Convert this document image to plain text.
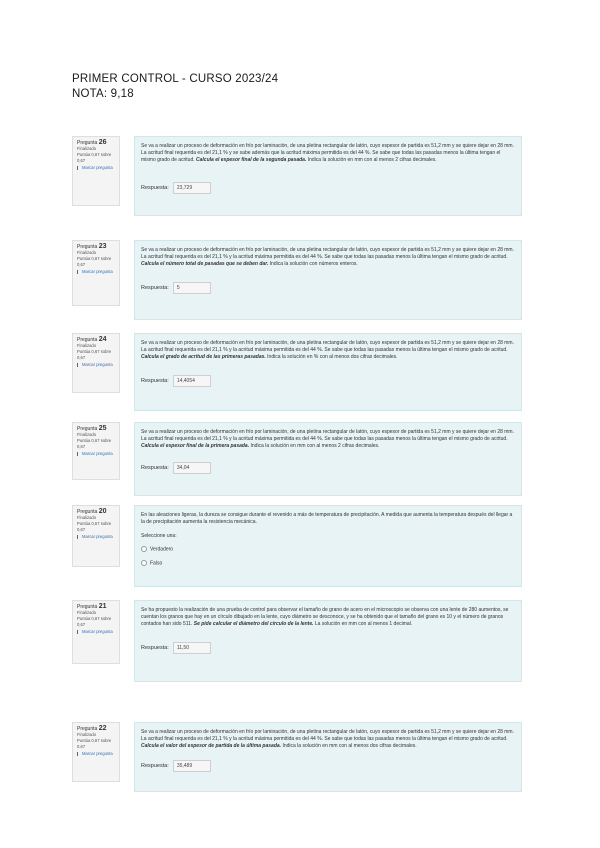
PRIMER CONTROL - CURSO 2023/24
NOTA: 9,18
Pregunta 26
Finalizado
Puntúa 0,67 sobre 0,67
Marcar pregunta

Se va a realizar un proceso de deformación en frío por laminación, de una pletina rectangular de latón, cuyo espesor de partida es 51,2 mm y se quiere dejar en 28 mm. La acritud final requerida es del 21,1 % y se sabe además que la acritud máxima permitida es del 44 %. Se sabe que todas las pasadas menos la última tengan el mismo grado de acritud. Calcula el espesor final de la segunda pasada. Indica la solución en mm con al menos 2 cifras decimales.

Respuesta: 23,729
Pregunta 23
Finalizado
Puntúa 0,67 sobre 0,67
Marcar pregunta

Se va a realizar un proceso de deformación en frío por laminación, de una pletina rectangular de latón, cuyo espesor de partida es 51,2 mm y se quiere dejar en 28 mm. La acritud final requerida es del 21,1 % y la acritud máxima permitida es del 44 %. Se sabe que todas las pasadas menos la última tengan el mismo grado de acritud. Calcula el número total de pasadas que se deben dar. Indica la solución con números enteros.

Respuesta: 5
Pregunta 24
Finalizado
Puntúa 0,67 sobre 0,67
Marcar pregunta

Se va a realizar un proceso de deformación en frío por laminación, de una pletina rectangular de latón, cuyo espesor de partida es 51,2 mm y se quiere dejar en 28 mm. La acritud final requerida es del 21,1 % y la acritud máxima permitida es del 44 %. Se sabe que todas las pasadas menos la última tengan el mismo grado de acritud. Calcula el grado de acritud de las primeras pasadas. Indica la solución en % con al menos dos cifras decimales.

Respuesta: 14,4054
Pregunta 25
Finalizado
Puntúa 0,67 sobre 0,67
Marcar pregunta

Se va a realizar un proceso de deformación en frío por laminación, de una pletina rectangular de latón, cuyo espesor de partida es 51,2 mm y se quiere dejar en 28 mm. La acritud final requerida es del 21,1 % y la acritud máxima permitida es del 44 %. Se sabe que todas las pasadas menos la última tengan el mismo grado de acritud. Calcula el espesor final de la primera pasada. Indica la solución en mm con al menos 2 cifras decimales.

Respuesta: 34,04
Pregunta 20
Finalizado
Puntúa 0,67 sobre 0,67
Marcar pregunta

En las aleaciones ligeras, la dureza se consigue durante el revenido a más de temperatura de precipitación. A medida que aumenta la temperatura después del llegar a la de precipitación aumenta la resistencia mecánica.

Seleccione una:
Verdadero
Falso
Pregunta 21
Finalizado
Puntúa 0,67 sobre 0,67
Marcar pregunta

Se ha propuesto la realización de una prueba de control para observar el tamaño de grano de acero en el microscopio se observa con una lente de 280 aumentos, se cuentan los granos que hay en un círculo dibujado en la lente, cuyo diámetro se desconoce, y se ha obtenido que el tamaño del grano es 10 y el número de granos contados han sido 511. Se pide calcular el diámetro del círculo de la lente. La solución en mm con al menos 1 decimal.

Respuesta: 11,50
Pregunta 22
Finalizado
Puntúa 0,67 sobre 0,67
Marcar pregunta

Se va a realizar un proceso de deformación en frío por laminación, de una pletina rectangular de latón, cuyo espesor de partida es 51,2 mm y se quiere dejar en 28 mm. La acritud final requerida es del 21,1 % y la acritud máxima permitida es del 44 %. Se sabe que todas las pasadas menos la última tengan el mismo grado de acritud. Calcula el valor del espesor de partida de la última pasada. Indica la solución en mm con al menos dos cifras decimales.

Respuesta: 35,489
